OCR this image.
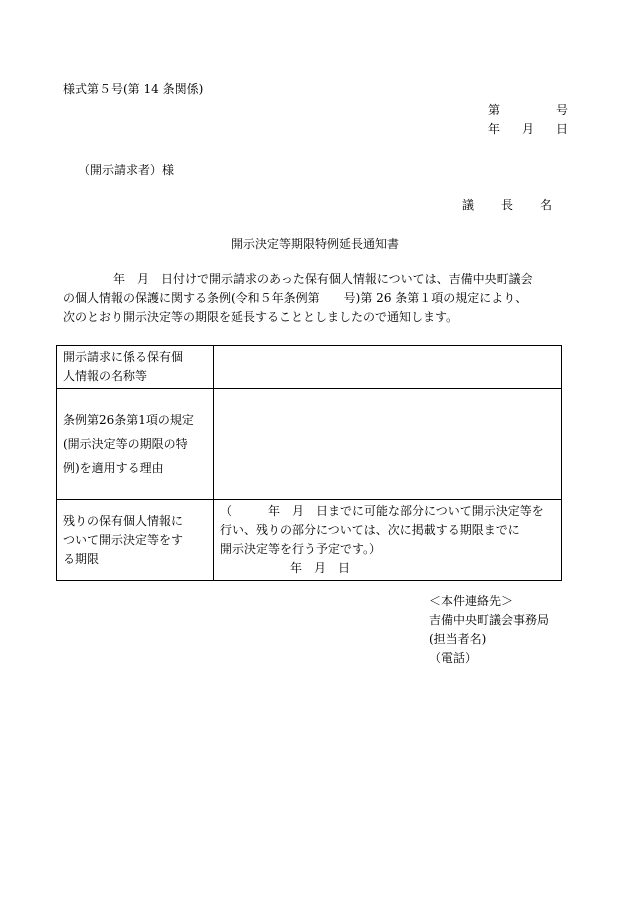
様式第５号(第 14 条関係)
第	号
年 月 日
（開示請求者）様
議 長 名
開示決定等期限特例延長通知書
年　月　日付けで開示請求のあった保有個人情報については、吉備中央町議会
の個人情報の保護に関する条例(令和５年条例第　　号)第 26 条第１項の規定により、
次のとおり開示決定等の期限を延長することとしましたので通知します。
開示請求に係る保有個
人情報の名称等	

条例第26条第1項の規定
(開示決定等の期限の特
例)を適用する理由	

残りの保有個人情報に
ついて開示決定等をす
る期限	（　　　年　月　日までに可能な部分について開示決定等を
行い、残りの部分については、次に掲載する期限までに
開示決定等を行う予定です。）
年　月　日
＜本件連絡先＞
吉備中央町議会事務局
(担当者名)
（電話）
